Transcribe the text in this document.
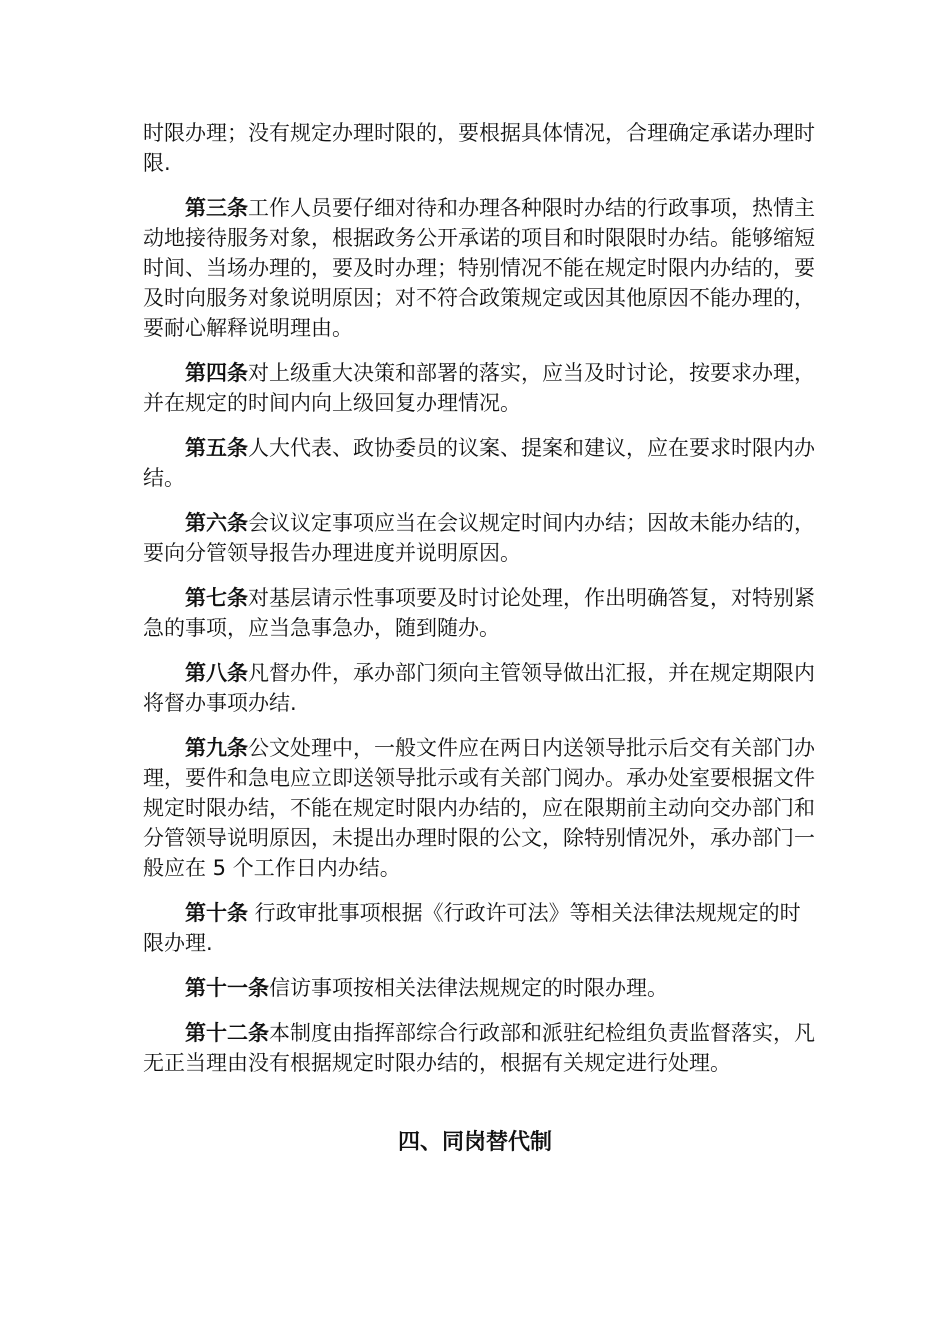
时限办理；没有规定办理时限的，要根据具体情况，合理确定承诺办理时限.

第三条工作人员要仔细对待和办理各种限时办结的行政事项，热情主动地接待服务对象，根据政务公开承诺的项目和时限限时办结。能够缩短时间、当场办理的，要及时办理；特别情况不能在规定时限内办结的，要及时向服务对象说明原因；对不符合政策规定或因其他原因不能办理的，要耐心解释说明理由。

第四条对上级重大决策和部署的落实，应当及时讨论，按要求办理，并在规定的时间内向上级回复办理情况。

第五条人大代表、政协委员的议案、提案和建议，应在要求时限内办结。

第六条会议议定事项应当在会议规定时间内办结；因故未能办结的，要向分管领导报告办理进度并说明原因。

第七条对基层请示性事项要及时讨论处理，作出明确答复，对特别紧急的事项，应当急事急办，随到随办。

第八条凡督办件，承办部门须向主管领导做出汇报，并在规定期限内将督办事项办结.

第九条公文处理中，一般文件应在两日内送领导批示后交有关部门办理，要件和急电应立即送领导批示或有关部门阅办。承办处室要根据文件规定时限办结，不能在规定时限内办结的，应在限期前主动向交办部门和分管领导说明原因，未提出办理时限的公文，除特别情况外，承办部门一般应在 5 个工作日内办结。

第十条 行政审批事项根据《行政许可法》等相关法律法规规定的时限办理.

第十一条信访事项按相关法律法规规定的时限办理。

第十二条本制度由指挥部综合行政部和派驻纪检组负责监督落实，凡无正当理由没有根据规定时限办结的，根据有关规定进行处理。

四、同岗替代制
